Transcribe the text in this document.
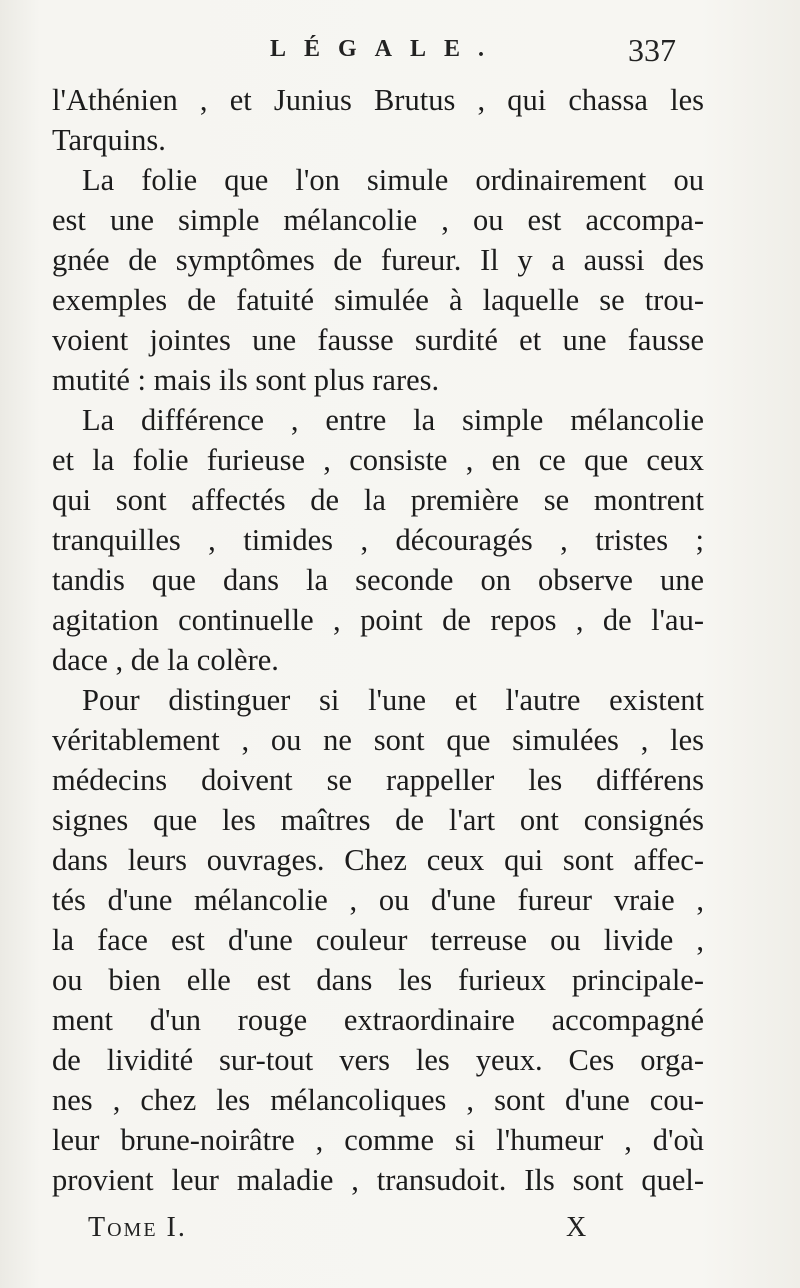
LÉGALE.	337
l'Athénien , et Junius Brutus , qui chassa les
Tarquins.
La folie que l'on simule ordinairement ou
est une simple mélancolie , ou est accompa-
gnée de symptômes de fureur. Il y a aussi des
exemples de fatuité simulée à laquelle se trou-
voient jointes une fausse surdité et une fausse
mutité : mais ils sont plus rares.
La différence , entre la simple mélancolie
et la folie furieuse , consiste , en ce que ceux
qui sont affectés de la première se montrent
tranquilles , timides , découragés , tristes ;
tandis que dans la seconde on observe une
agitation continuelle , point de repos , de l'au-
dace , de la colère.
Pour distinguer si l'une et l'autre existent
véritablement , ou ne sont que simulées , les
médecins doivent se rappeller les différens
signes que les maîtres de l'art ont consignés
dans leurs ouvrages. Chez ceux qui sont affec-
tés d'une mélancolie , ou d'une fureur vraie ,
la face est d'une couleur terreuse ou livide ,
ou bien elle est dans les furieux principale-
ment d'un rouge extraordinaire accompagné
de lividité sur-tout vers les yeux. Ces orga-
nes , chez les mélancoliques , sont d'une cou-
leur brune-noirâtre , comme si l'humeur , d'où
provient leur maladie , transudoit. Ils sont quel-
Tome I.	X
